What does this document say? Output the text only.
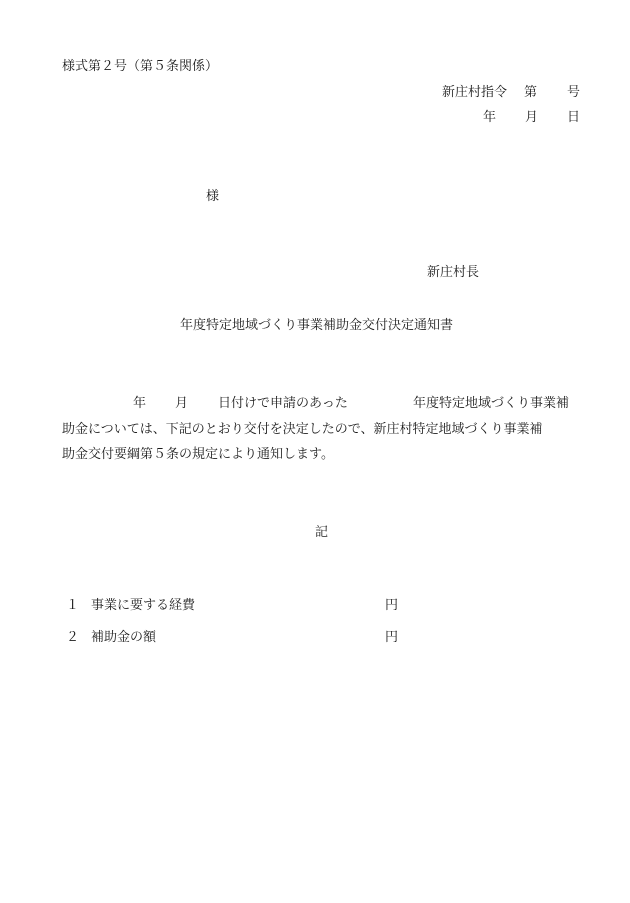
様式第２号（第５条関係）
新庄村指令 第 号
年 月 日
様
新庄村長
年度特定地域づくり事業補助金交付決定通知書
年 月 日付けで申請のあった	年度特定地域づくり事業補
助金については、下記のとおり交付を決定したので、新庄村特定地域づくり事業補
助金交付要綱第５条の規定により通知します。
記
１ 事業に要する経費	円
２ 補助金の額	円
